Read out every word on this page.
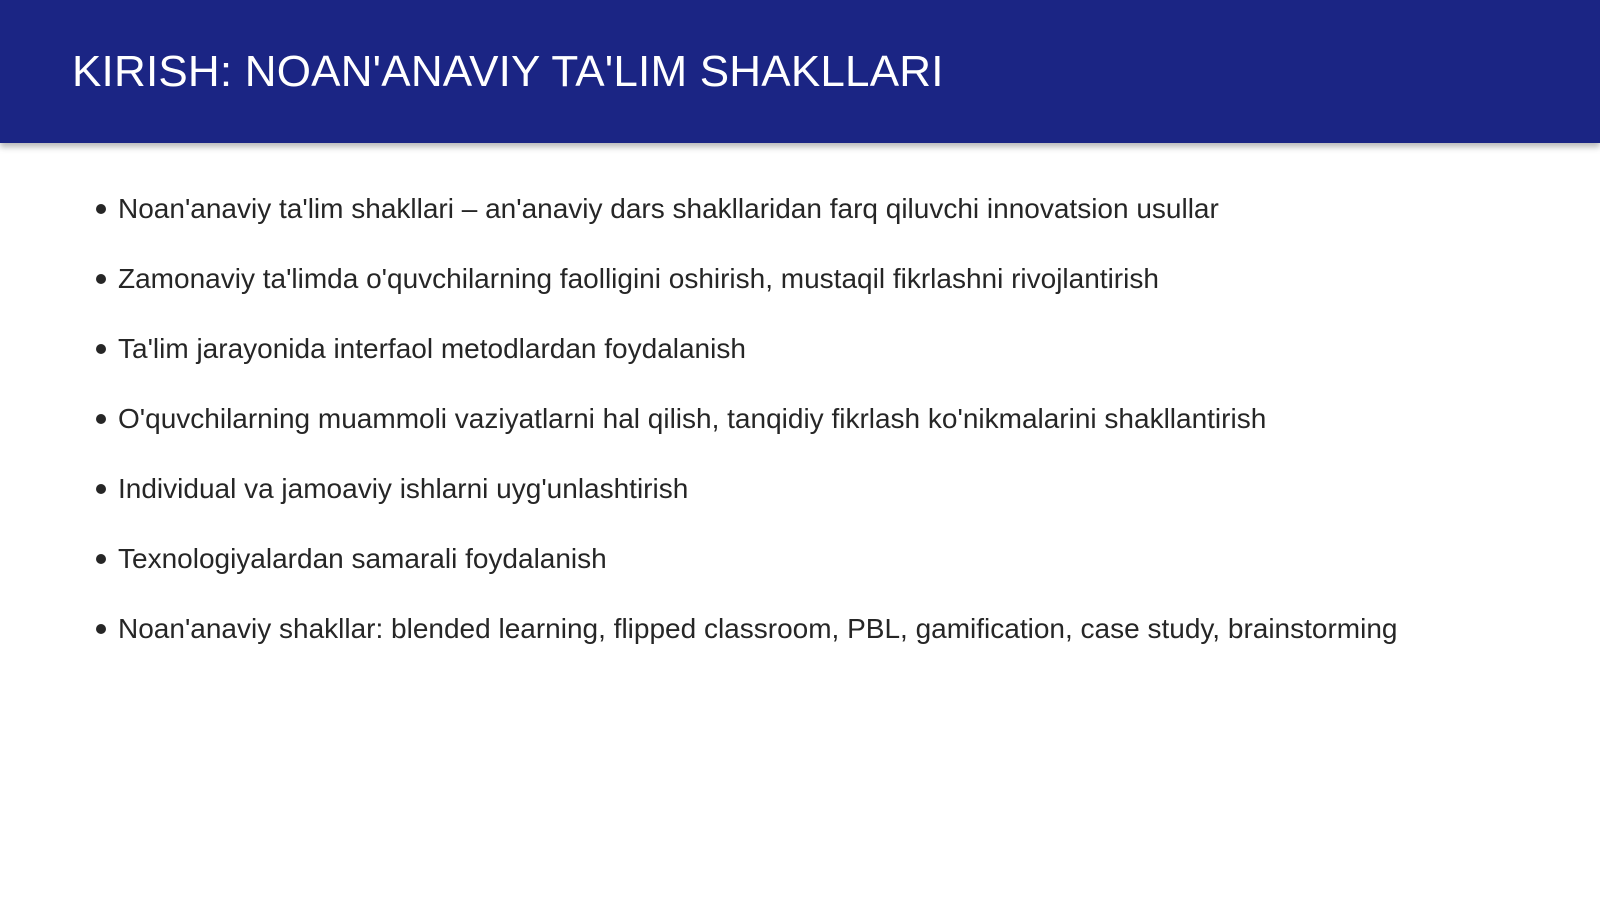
KIRISH: NOAN'ANAVIY TA'LIM SHAKLLARI
Noan'anaviy ta'lim shakllari – an'anaviy dars shakllaridan farq qiluvchi innovatsion usullar
Zamonaviy ta'limda o'quvchilarning faolligini oshirish, mustaqil fikrlashni rivojlantirish
Ta'lim jarayonida interfaol metodlardan foydalanish
O'quvchilarning muammoli vaziyatlarni hal qilish, tanqidiy fikrlash ko'nikmalarini shakllantirish
Individual va jamoaviy ishlarni uyg'unlashtirish
Texnologiyalardan samarali foydalanish
Noan'anaviy shakllar: blended learning, flipped classroom, PBL, gamification, case study, brainstorming
